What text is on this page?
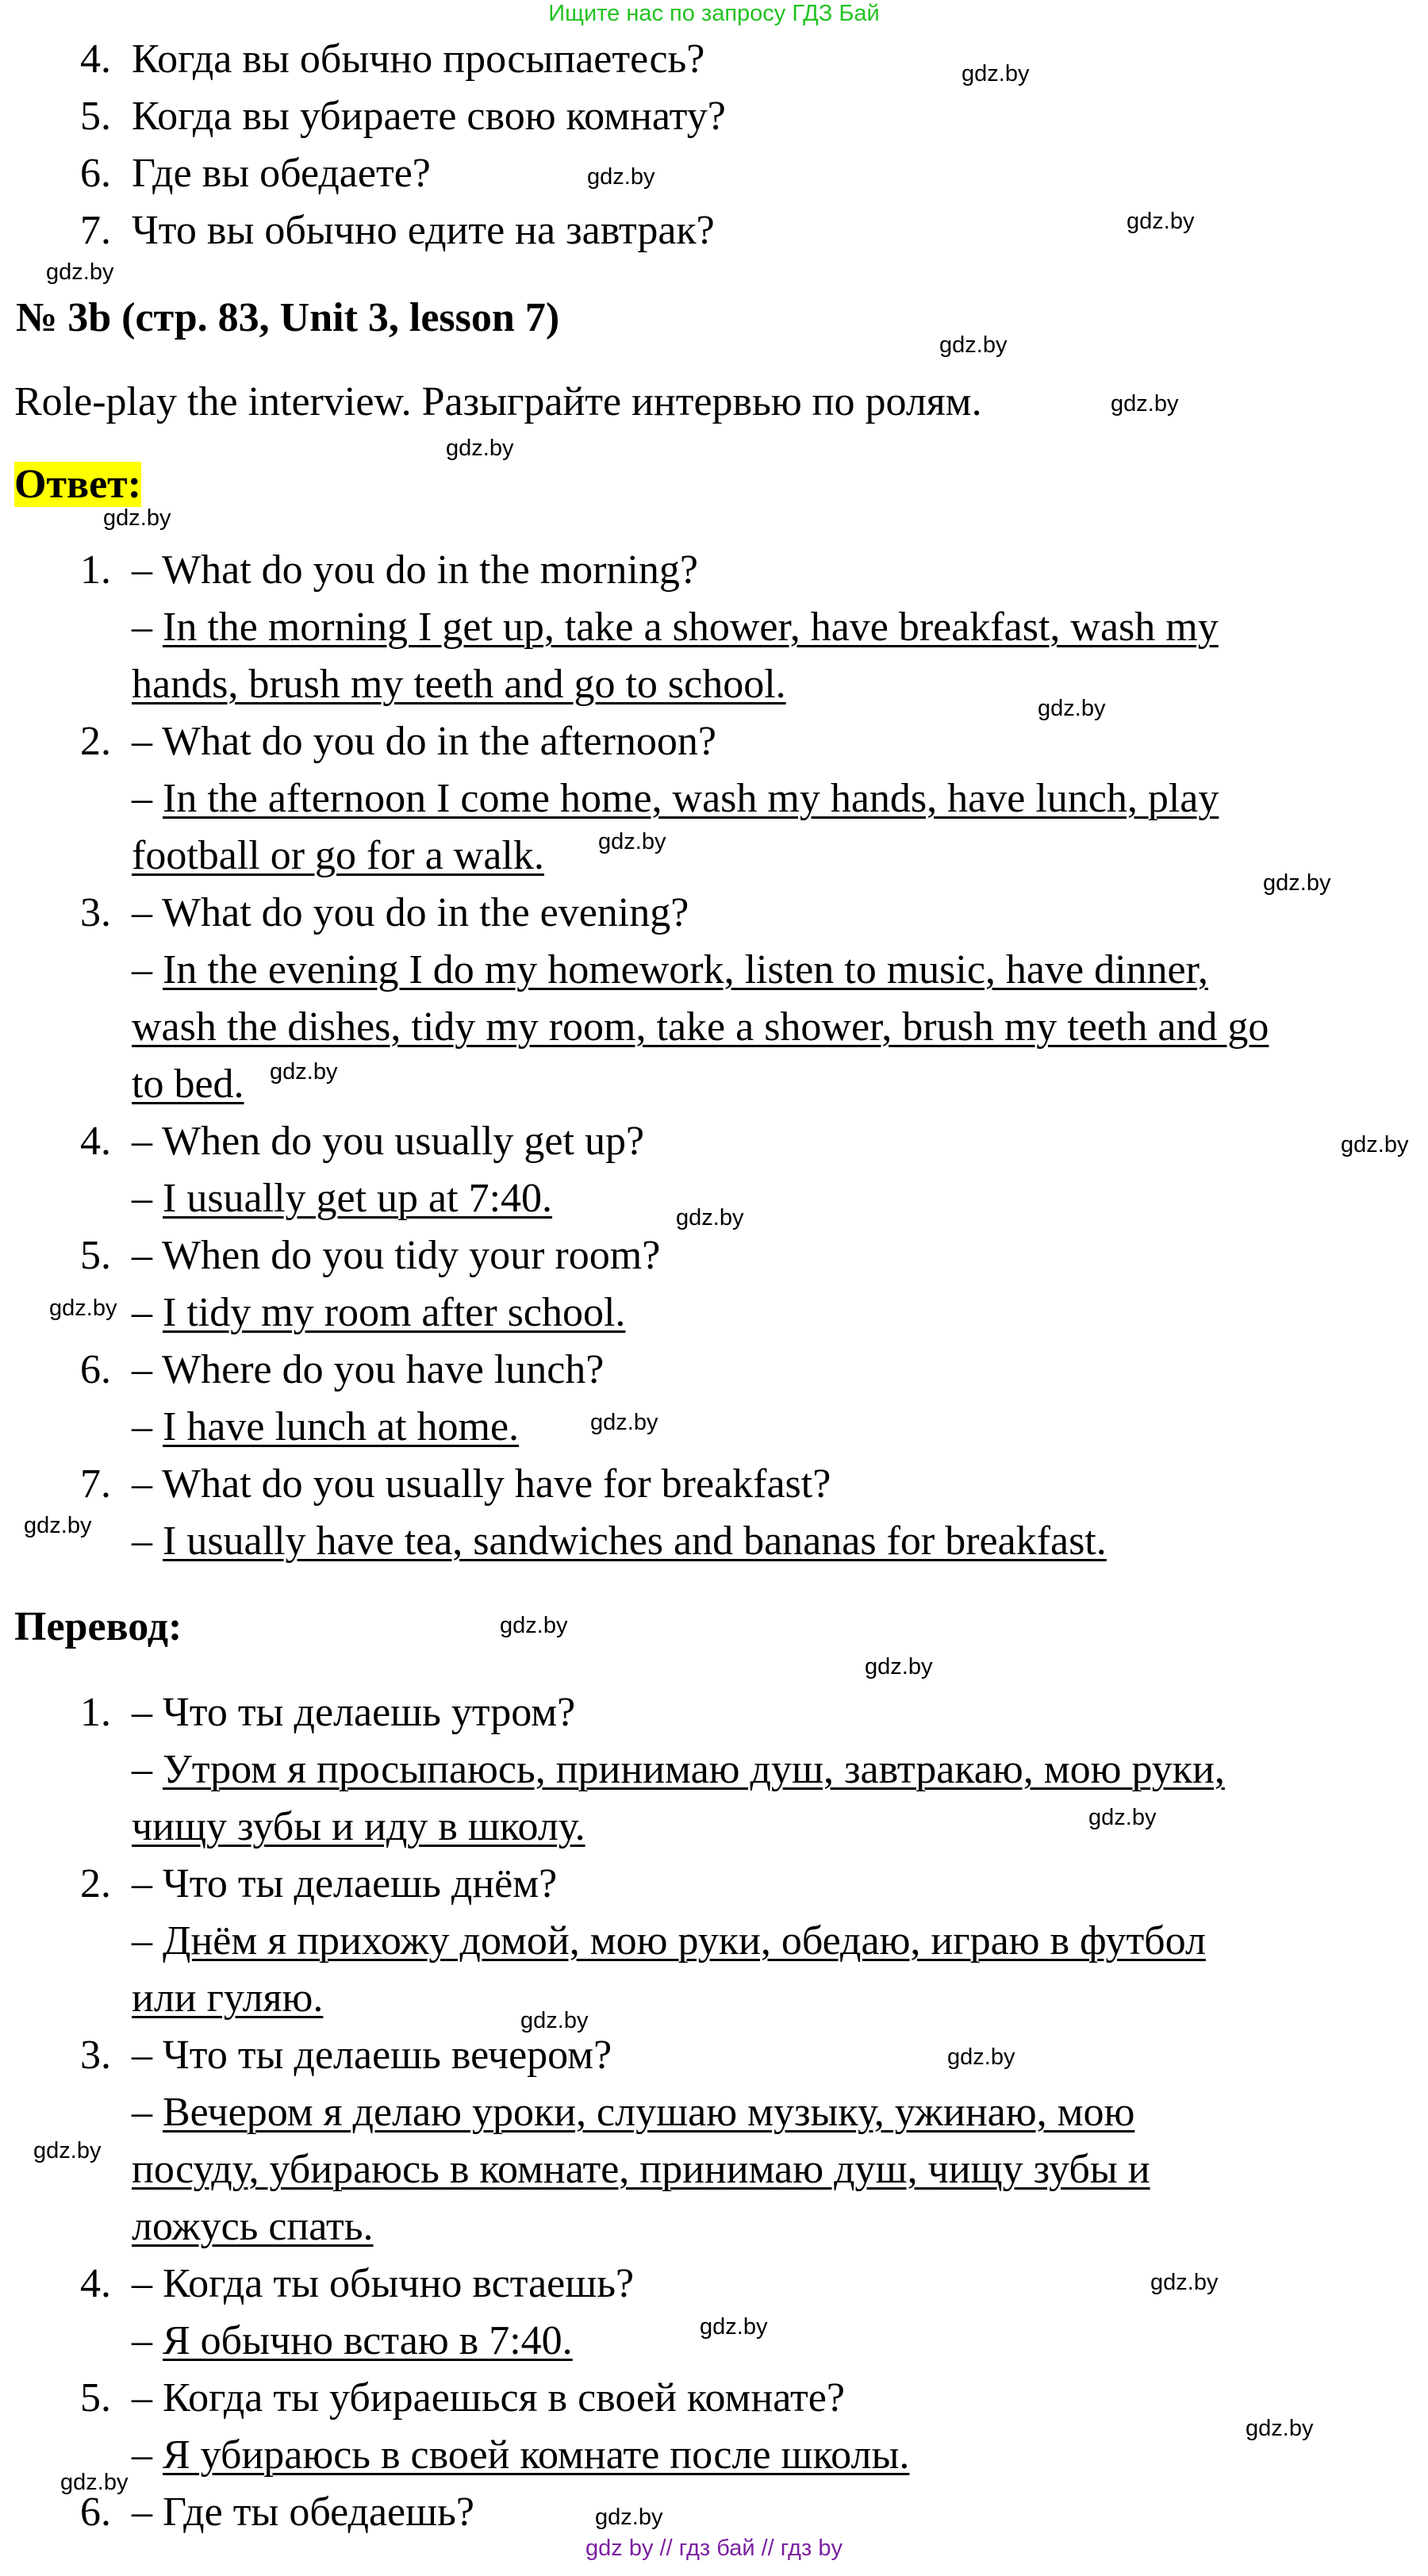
Ищите нас по запросу ГДЗ Бай
4. Когда вы обычно просыпаетесь?
5. Когда вы убираете свою комнату?
6. Где вы обедаете?
7. Что вы обычно едите на завтрак?
№ 3b (стр. 83, Unit 3, lesson 7)
Role-play the interview. Разыграйте интервью по ролям.
Ответ:
1. – What do you do in the morning?
– In the morning I get up, take a shower, have breakfast, wash my
hands, brush my teeth and go to school.
2. – What do you do in the afternoon?
– In the afternoon I come home, wash my hands, have lunch, play
football or go for a walk.
3. – What do you do in the evening?
– In the evening I do my homework, listen to music, have dinner,
wash the dishes, tidy my room, take a shower, brush my teeth and go
to bed.
4. – When do you usually get up?
– I usually get up at 7:40.
5. – When do you tidy your room?
– I tidy my room after school.
6. – Where do you have lunch?
– I have lunch at home.
7. – What do you usually have for breakfast?
– I usually have tea, sandwiches and bananas for breakfast.
Перевод:
1. – Что ты делаешь утром?
– Утром я просыпаюсь, принимаю душ, завтракаю, мою руки,
чищу зубы и иду в школу.
2. – Что ты делаешь днём?
– Днём я прихожу домой, мою руки, обедаю, играю в футбол
или гуляю.
3. – Что ты делаешь вечером?
– Вечером я делаю уроки, слушаю музыку, ужинаю, мою
посуду, убираюсь в комнате, принимаю душ, чищу зубы и
ложусь спать.
4. – Когда ты обычно встаешь?
– Я обычно встаю в 7:40.
5. – Когда ты убираешься в своей комнате?
– Я убираюсь в своей комнате после школы.
6. – Где ты обедаешь?
gdz.by
gdz.by
gdz.by
gdz.by
gdz.by
gdz.by
gdz.by
gdz.by
gdz.by
gdz.by
gdz.by
gdz.by
gdz.by
gdz.by
gdz.by
gdz.by
gdz.by
gdz.by
gdz.by
gdz.by
gdz.by
gdz.by
gdz.by
gdz.by
gdz.by
gdz.by
gdz.by
gdz.by
gdz by // гдз бай // гдз by
